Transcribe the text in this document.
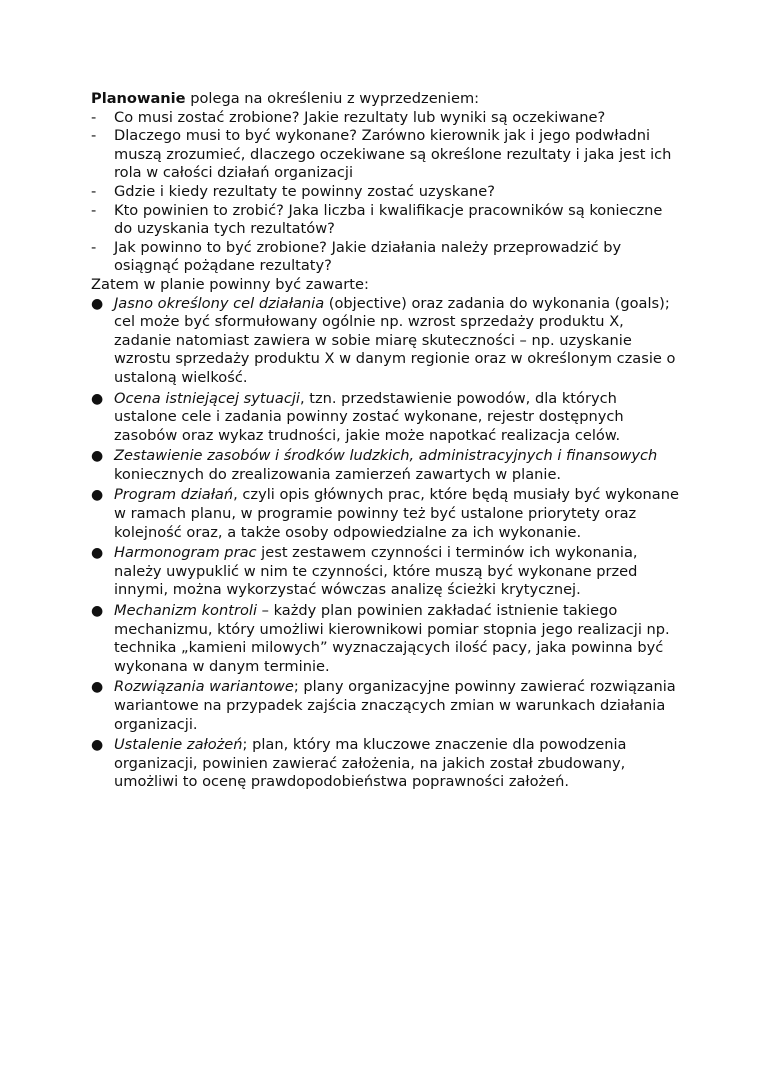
Planowanie polega na określeniu z wyprzedzeniem:

- Co musi zostać zrobione? Jakie rezultaty lub wyniki są oczekiwane?
- Dlaczego musi to być wykonane? Zarówno kierownik jak i jego podwładni muszą zrozumieć, dlaczego oczekiwane są określone rezultaty i jaka jest ich rola w całości działań organizacji
- Gdzie i kiedy rezultaty te powinny zostać uzyskane?
- Kto powinien to zrobić? Jaka liczba i kwalifikacje pracowników są konieczne do uzyskania tych rezultatów?
- Jak powinno to być zrobione? Jakie działania należy przeprowadzić by osiągnąć pożądane rezultaty?

Zatem w planie powinny być zawarte:

● Jasno określony cel działania (objective) oraz zadania do wykonania (goals); cel może być sformułowany ogólnie np. wzrost sprzedaży produktu X, zadanie natomiast zawiera w sobie miarę skuteczności – np. uzyskanie wzrostu sprzedaży produktu X w danym regionie oraz w określonym czasie o ustaloną wielkość.
● Ocena istniejącej sytuacji, tzn. przedstawienie powodów, dla których ustalone cele i zadania powinny zostać wykonane, rejestr dostępnych zasobów oraz wykaz trudności, jakie może napotkać realizacja celów.
● Zestawienie zasobów i środków ludzkich, administracyjnych i finansowych koniecznych do zrealizowania zamierzeń zawartych w planie.
● Program działań, czyli opis głównych prac, które będą musiały być wykonane w ramach planu, w programie powinny też być ustalone priorytety oraz kolejność oraz, a także osoby odpowiedzialne za ich wykonanie.
● Harmonogram prac jest zestawem czynności i terminów ich wykonania, należy uwypuklić w nim te czynności, które muszą być wykonane przed innymi, można wykorzystać wówczas analizę ścieżki krytycznej.
● Mechanizm kontroli – każdy plan powinien zakładać istnienie takiego mechanizmu, który umożliwi kierownikowi pomiar stopnia jego realizacji np. technika „kamieni milowych” wyznaczających ilość pacy, jaka powinna być wykonana w danym terminie.
● Rozwiązania wariantowe; plany organizacyjne powinny zawierać rozwiązania wariantowe na przypadek zajścia znaczących zmian w warunkach działania organizacji.
● Ustalenie założeń; plan, który ma kluczowe znaczenie dla powodzenia organizacji, powinien zawierać założenia, na jakich został zbudowany, umożliwi to ocenę prawdopodobieństwa poprawności założeń.
